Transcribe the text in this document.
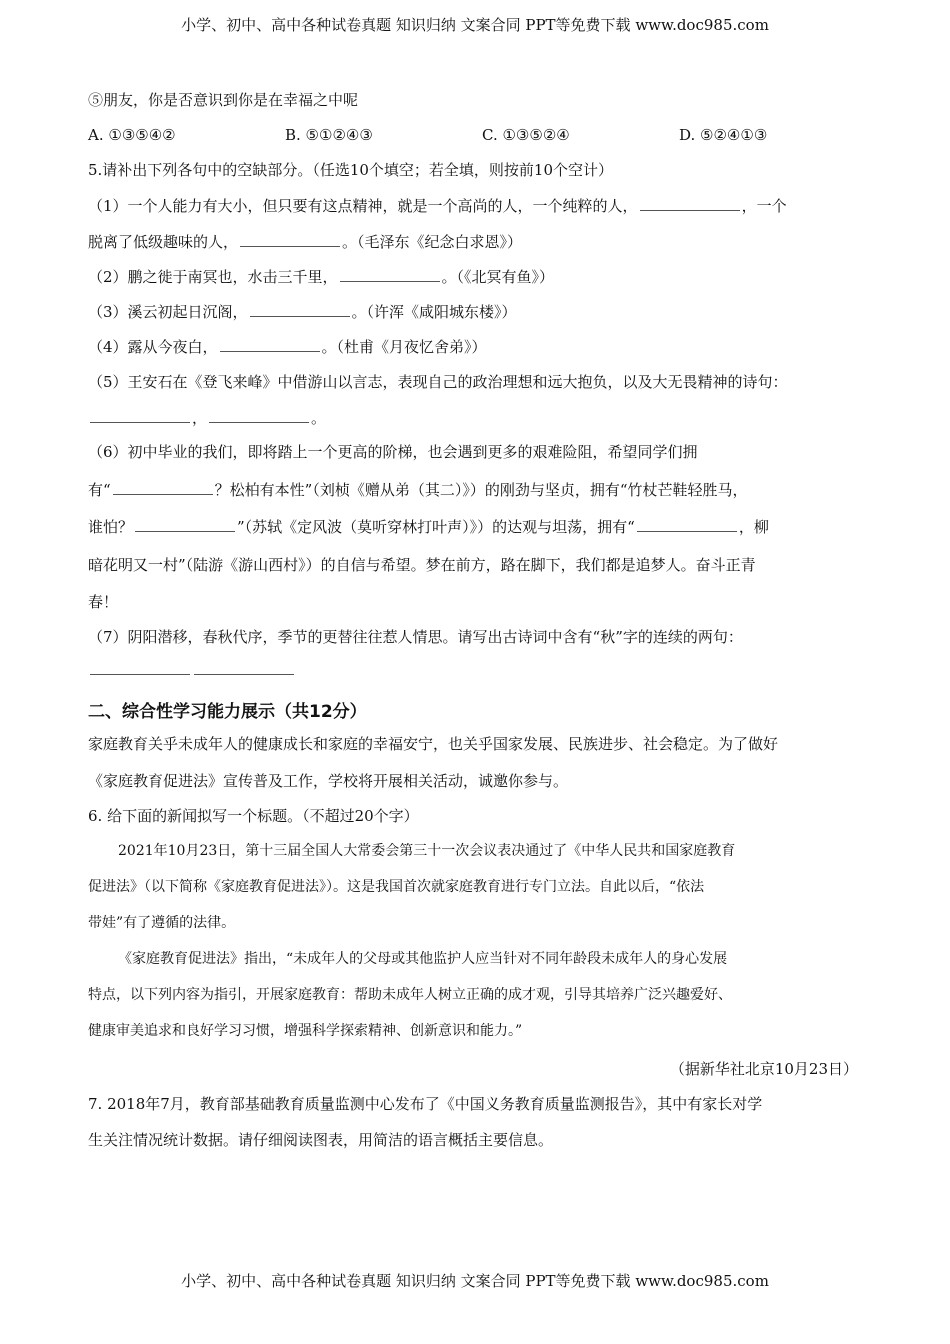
小学、初中、高中各种试卷真题 知识归纳 文案合同 PPT等免费下载 www.doc985.com
⑤朋友，你是否意识到你是在幸福之中呢
A. ①③⑤④②	B. ⑤①②④③	C. ①③⑤②④	D. ⑤②④①③
5.请补出下列各句中的空缺部分。（任选10个填空；若全填，则按前10个空计）
（1）一个人能力有大小，但只要有这点精神，就是一个高尚的人，一个纯粹的人，	，一个
脱离了低级趣味的人，	。（毛泽东《纪念白求恩》）
（2）鹏之徙于南冥也，水击三千里，	。（《北冥有鱼》）
（3）溪云初起日沉阁，	。（许浑《咸阳城东楼》）
（4）露从今夜白，	。（杜甫《月夜忆舍弟》）
（5）王安石在《登飞来峰》中借游山以言志，表现自己的政治理想和远大抱负，以及大无畏精神的诗句：
，	。
（6）初中毕业的我们，即将踏上一个更高的阶梯，也会遇到更多的艰难险阻，希望同学们拥
有“	？松柏有本性”（刘桢《赠从弟（其二）》）的刚劲与坚贞，拥有“竹杖芒鞋轻胜马，
谁怕？	”（苏轼《定风波（莫听穿林打叶声）》）的达观与坦荡，拥有“	，柳
暗花明又一村”（陆游《游山西村》）的自信与希望。梦在前方，路在脚下，我们都是追梦人。奋斗正青
春！
（7）阴阳潜移，春秋代序，季节的更替往往惹人情思。请写出古诗词中含有“秋”字的连续的两句：
二、综合性学习能力展示（共12分）
家庭教育关乎未成年人的健康成长和家庭的幸福安宁，也关乎国家发展、民族进步、社会稳定。为了做好
《家庭教育促进法》宣传普及工作，学校将开展相关活动，诚邀你参与。
6. 给下面的新闻拟写一个标题。（不超过20个字）
2021年10月23日，第十三届全国人大常委会第三十一次会议表决通过了《中华人民共和国家庭教育
促进法》（以下简称《家庭教育促进法》）。这是我国首次就家庭教育进行专门立法。自此以后，“依法
带娃”有了遵循的法律。
《家庭教育促进法》指出，“未成年人的父母或其他监护人应当针对不同年龄段未成年人的身心发展
特点，以下列内容为指引，开展家庭教育：帮助未成年人树立正确的成才观，引导其培养广泛兴趣爱好、
健康审美追求和良好学习习惯，增强科学探索精神、创新意识和能力。”
（据新华社北京10月23日）
7. 2018年7月，教育部基础教育质量监测中心发布了《中国义务教育质量监测报告》，其中有家长对学
生关注情况统计数据。请仔细阅读图表，用简洁的语言概括主要信息。
小学、初中、高中各种试卷真题 知识归纳 文案合同 PPT等免费下载 www.doc985.com
